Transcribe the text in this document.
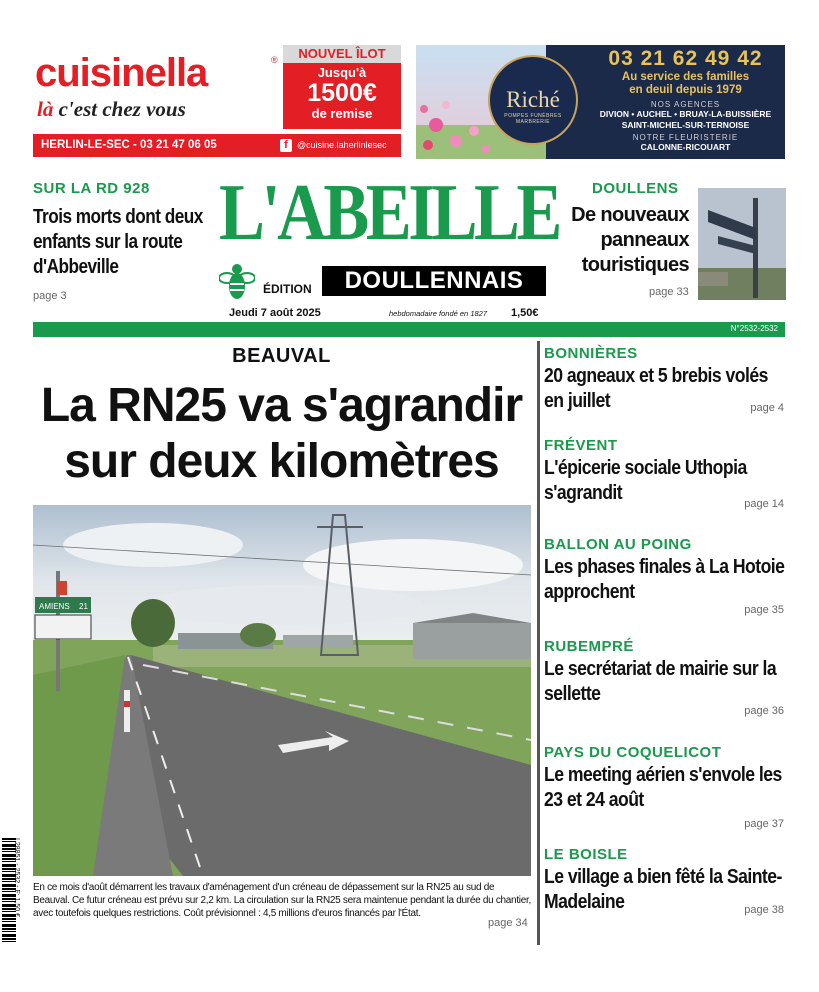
cuisinella	®
là c'est chez vous
NOUVEL ÎLOT
Jusqu'à
1500€
de remise
HERLIN-LE-SEC - 03 21 47 06 05	f	@cuisine.laherlinlesec
Riché
POMPES FUNÈBRES MARBRERIE
03 21 62 49 42
Au service des familles
en deuil depuis 1979
NOS AGENCES
DIVION • AUCHEL • BRUAY-LA-BUISSIÈRE
SAINT-MICHEL-SUR-TERNOISE
NOTRE FLEURISTERIE
CALONNE-RICOUART
SUR LA RD 928
Trois morts dont deux enfants sur la route d'Abbeville
page 3
L'ABEILLE
ÉDITION	DOULLENNAIS
Jeudi 7 août 2025	hebdomadaire fondé en 1827 1,50€
DOULLENS
De nouveaux panneaux touristiques
page 33
N°2532-2532
BEAUVAL
La RN25 va s'agrandir sur deux kilomètres
AMIENS 21
En ce mois d'août démarrent les travaux d'aménagement d'un créneau de dépassement sur la RN25 au sud de Beauval. Ce futur créneau est prévu sur 2,2 km. La circulation sur la RN25 sera maintenue pendant la durée du chantier, avec toutefois quelques restrictions. Coût prévisionnel : 4,5 millions d'euros financés par l'État.
page 34
BONNIÈRES
20 agneaux et 5 brebis volés en juillet	page 4
FRÉVENT
L'épicerie sociale Uthopia s'agrandit	page 14
BALLON AU POING
Les phases finales à La Hotoie approchent
page 35
RUBEMPRÉ
Le secrétariat de mairie sur la sellette
page 36
PAYS DU COQUELICOT
Le meeting aérien s'envole les 23 et 24 août
page 37
LE BOISLE
Le village a bien fêté la Sainte-Madelaine	page 38
I 28851 - 2532 - F: 1,50 €
